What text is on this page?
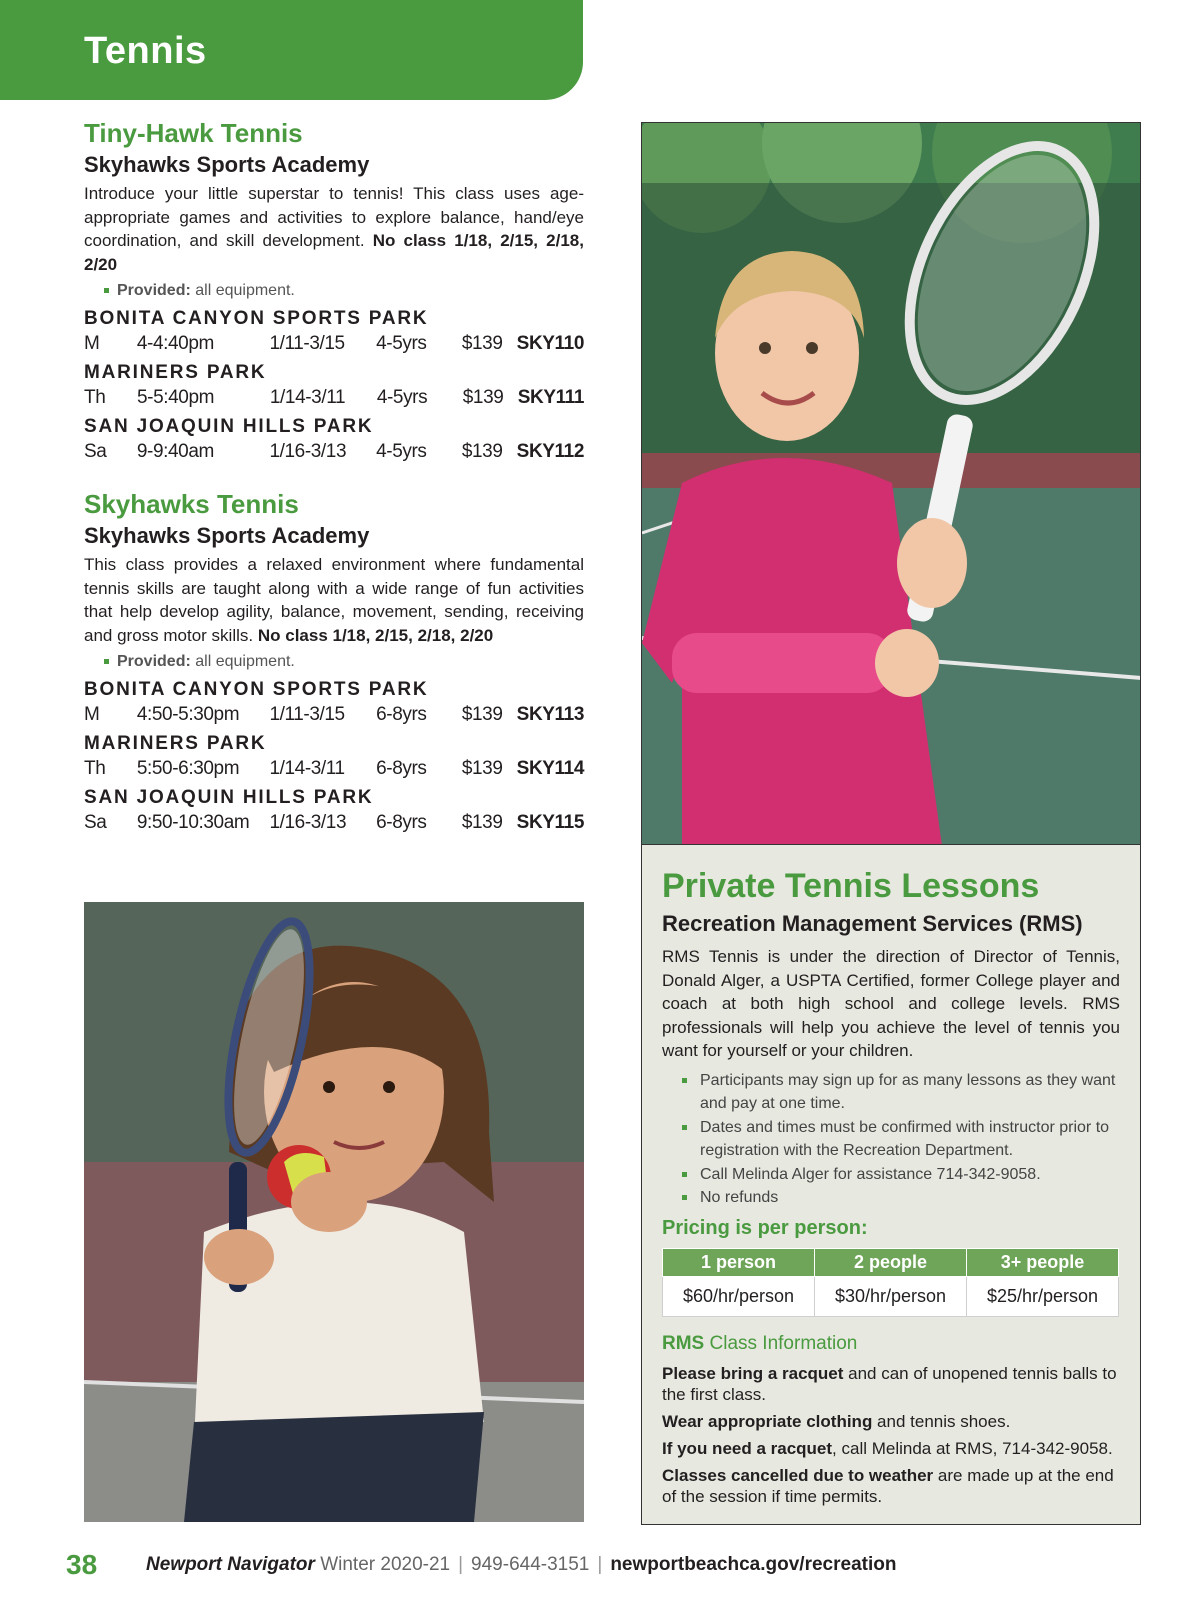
Tennis
Tiny-Hawk Tennis
Skyhawks Sports Academy

Introduce your little superstar to tennis! This class uses age-appropriate games and activities to explore balance, hand/eye coordination, and skill development. No class 1/18, 2/15, 2/18, 2/20

Provided: all equipment.
BONITA CANYON SPORTS PARK
M	4-4:40pm	1/11-3/15	4-5yrs	$139 SKY110
MARINERS PARK
Th	5-5:40pm	1/14-3/11	4-5yrs	$139 SKY111
SAN JOAQUIN HILLS PARK
Sa	9-9:40am	1/16-3/13	4-5yrs	$139 SKY112
Skyhawks Tennis
Skyhawks Sports Academy

This class provides a relaxed environment where fundamental tennis skills are taught along with a wide range of fun activities that help develop agility, balance, movement, sending, receiving and gross motor skills. No class 1/18, 2/15, 2/18, 2/20

Provided: all equipment.
BONITA CANYON SPORTS PARK
M	4:50-5:30pm	1/11-3/15	6-8yrs	$139 SKY113
MARINERS PARK
Th	5:50-6:30pm	1/14-3/11	6-8yrs	$139 SKY114
SAN JOAQUIN HILLS PARK
Sa	9:50-10:30am	1/16-3/13	6-8yrs	$139 SKY115
Private Tennis Lessons
Recreation Management Services (RMS)

RMS Tennis is under the direction of Director of Tennis, Donald Alger, a USPTA Certified, former College player and coach at both high school and college levels. RMS professionals will help you achieve the level of tennis you want for yourself or your children.

Participants may sign up for as many lessons as they want and pay at one time.
Dates and times must be confirmed with instructor prior to registration with the Recreation Department.
Call Melinda Alger for assistance 714-342-9058.
No refunds
Pricing is per person:
1 person	2 people	3+ people
$60/hr/person	$30/hr/person	$25/hr/person
RMS Class Information

Please bring a racquet and can of unopened tennis balls to the first class.

Wear appropriate clothing and tennis shoes.

If you need a racquet, call Melinda at RMS, 714-342-9058.

Classes cancelled due to weather are made up at the end of the session if time permits.

38	Newport Navigator Winter 2020-21 | 949-644-3151 | newportbeachca.gov/recreation
